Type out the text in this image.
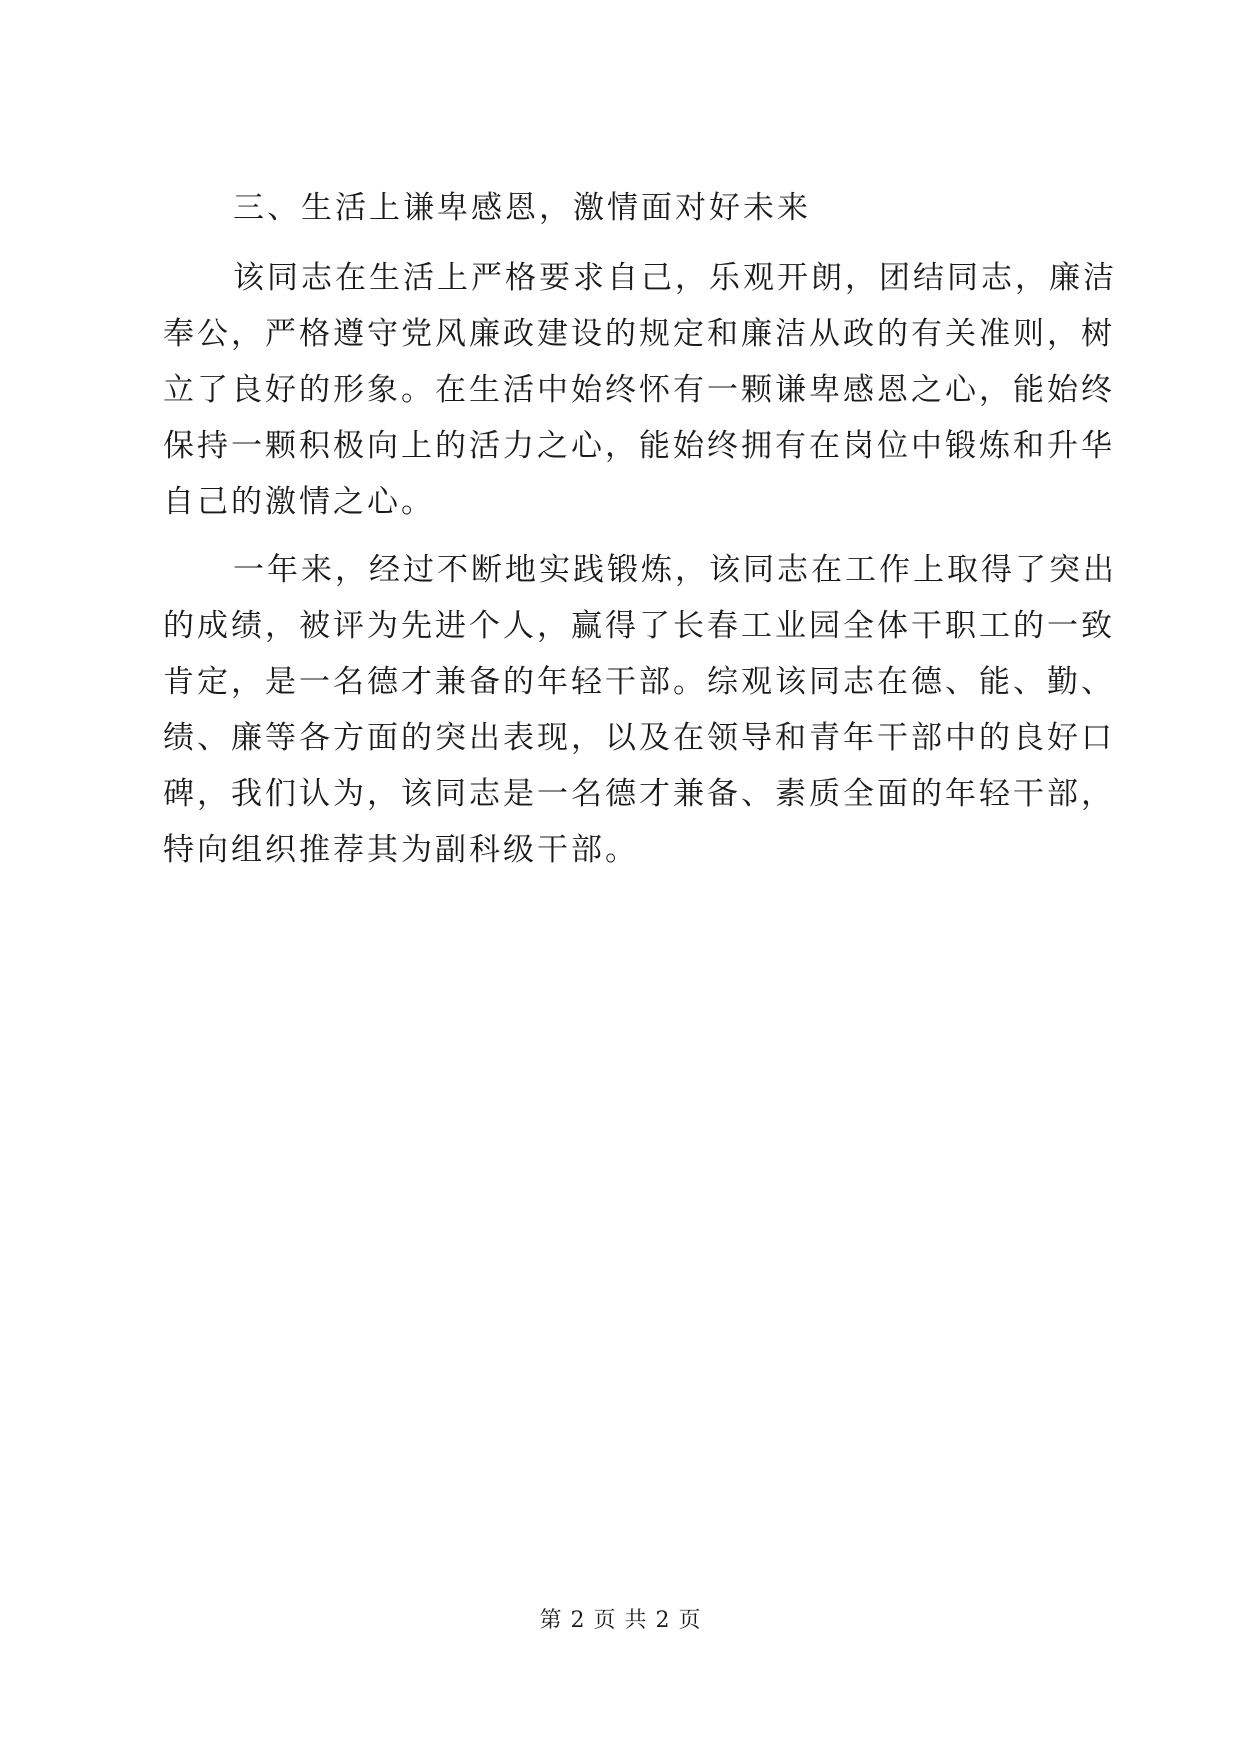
三、生活上谦卑感恩，激情面对好未来

该同志在生活上严格要求自己，乐观开朗，团结同志，廉洁

奉公，严格遵守党风廉政建设的规定和廉洁从政的有关准则，树

立了良好的形象。在生活中始终怀有一颗谦卑感恩之心，能始终

保持一颗积极向上的活力之心，能始终拥有在岗位中锻炼和升华

自己的激情之心。

一年来，经过不断地实践锻炼，该同志在工作上取得了突出

的成绩，被评为先进个人，赢得了长春工业园全体干职工的一致

肯定，是一名德才兼备的年轻干部。综观该同志在德、能、勤、

绩、廉等各方面的突出表现，以及在领导和青年干部中的良好口

碑，我们认为，该同志是一名德才兼备、素质全面的年轻干部，

特向组织推荐其为副科级干部。

第 2 页 共 2 页
